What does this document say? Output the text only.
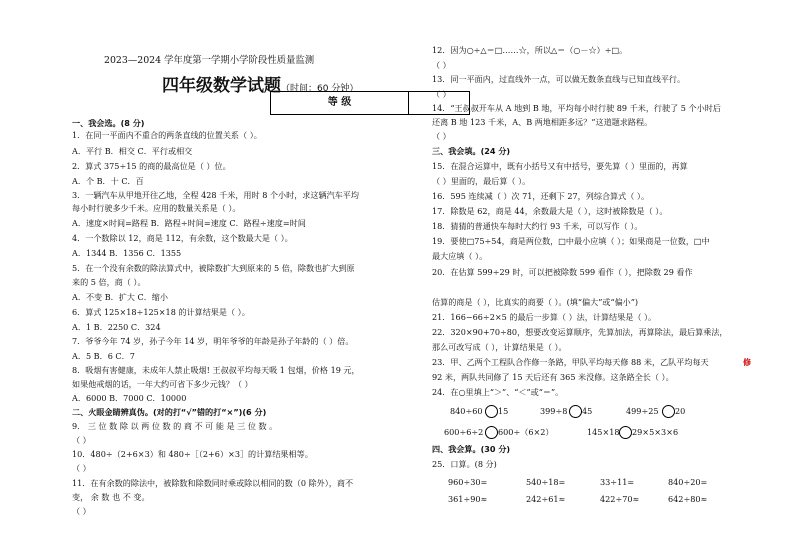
2023—2024 学年度第一学期小学阶段性质量监测
四年级数学试题（时间：60 分钟）
等 级
一、我会选。(8 分)
1．在同一平面内不重合的两条直线的位置关系（ ）。
A．平行 B．相交 C．平行或相交
2．算式 375÷15 的商的最高位是（ ）位。
A．个 B．十 C．百
3．一辆汽车从甲地开往乙地，全程 428 千米，用时 8 个小时，求这辆汽车平均
每小时行驶多少千米。应用的数量关系是（ ）。
A．速度×时间=路程 B．路程÷时间=速度 C．路程÷速度=时间
4．一个数除以 12，商是 112，有余数，这个数最大是（ ）。
A．1344 B．1356 C．1355
5．在一个没有余数的除法算式中，被除数扩大到原来的 5 倍，除数也扩大到原
来的 5 倍，商（ ）。
A．不变 B．扩大 C．缩小
6．算式 125×18÷125×18 的计算结果是（ ）。
A．1 B．2250 C．324
7．爷爷今年 74 岁，孙子今年 14 岁，明年爷爷的年龄是孙子年龄的（ ）倍。
A．5 B．6 C．7
8．吸烟有害健康，未成年人禁止吸烟! 王叔叔平均每天吸 1 包烟，价格 19 元，
如果他戒烟的话，一年大约可省下多少元钱？（ ）
A．6000 B．7000 C．10000
二、火眼金睛辨真伪。(对的打“√”错的打“×”)(6 分)
9． 三 位 数 除 以 两 位 数 的 商 不 可 能 是 三 位 数 。
（ ）
10．480÷（2+6×3）和 480÷［（2+6）×3］的计算结果相等。
（ ）
11．在有余数的除法中，被除数和除数同时乘或除以相同的数（0 除外），商不
变， 余 数 也 不 变。
（ ）
12．因为○÷△＝□……☆，所以△＝（○－☆）÷□。
（ ）
13．同一平面内，过直线外一点，可以做无数条直线与已知直线平行。
（ ）
14．“王叔叔开车从 A 地到 B 地，平均每小时行驶 89 千米，行驶了 5 个小时后
还离 B 地 123 千米，A、B 两地相距多远？”这道题求路程。
（ ）
三、我会填。(24 分)
15．在混合运算中，既有小括号又有中括号，要先算（ ）里面的，再算
（ ）里面的，最后算（ ）。
16．595 连续减（ ）次 71，还剩下 27，列综合算式（ ）。
17．除数是 62，商是 44，余数最大是（ ），这时被除数是（ ）。
18．猜猜的普通快车每时大约行 93 千米，可以写作（ ）。
19．要使□75÷54，商是两位数，□中最小应填（ ）；如果商是一位数，□中
最大应填（ ）。
20．在估算 599÷29 时，可以把被除数 599 看作（ ），把除数 29 看作
估算的商是（ ），比真实的商要（ ）。(填“偏大”或“偏小”)
21．166−66÷2×5 的最后一步算（ ）法，计算结果是（ ）。
22．320×90+70÷80，想要改变运算顺序，先算加法，再算除法，最后算乘法，
那么可改写成（ ），计算结果是（ ）。
23．甲、乙两个工程队合作修一条路，甲队平均每天修 88 米，乙队平均每天
92 米，两队共同修了 15 天后还有 365 米没修。这条路全长（ ）。
24．在○里填上“＞”、“＜”或“＝”。
四、我会算。(30 分)
25．口算。(8 分)
840÷60 15	399÷8 45	499÷25 20
600÷6÷2 600÷（6×2）	145×18 29×5×3×6
960÷30=	540÷18=	33÷11=	840÷20=
361÷90≈	242÷61≈	422÷70≈	642÷80≈
修
